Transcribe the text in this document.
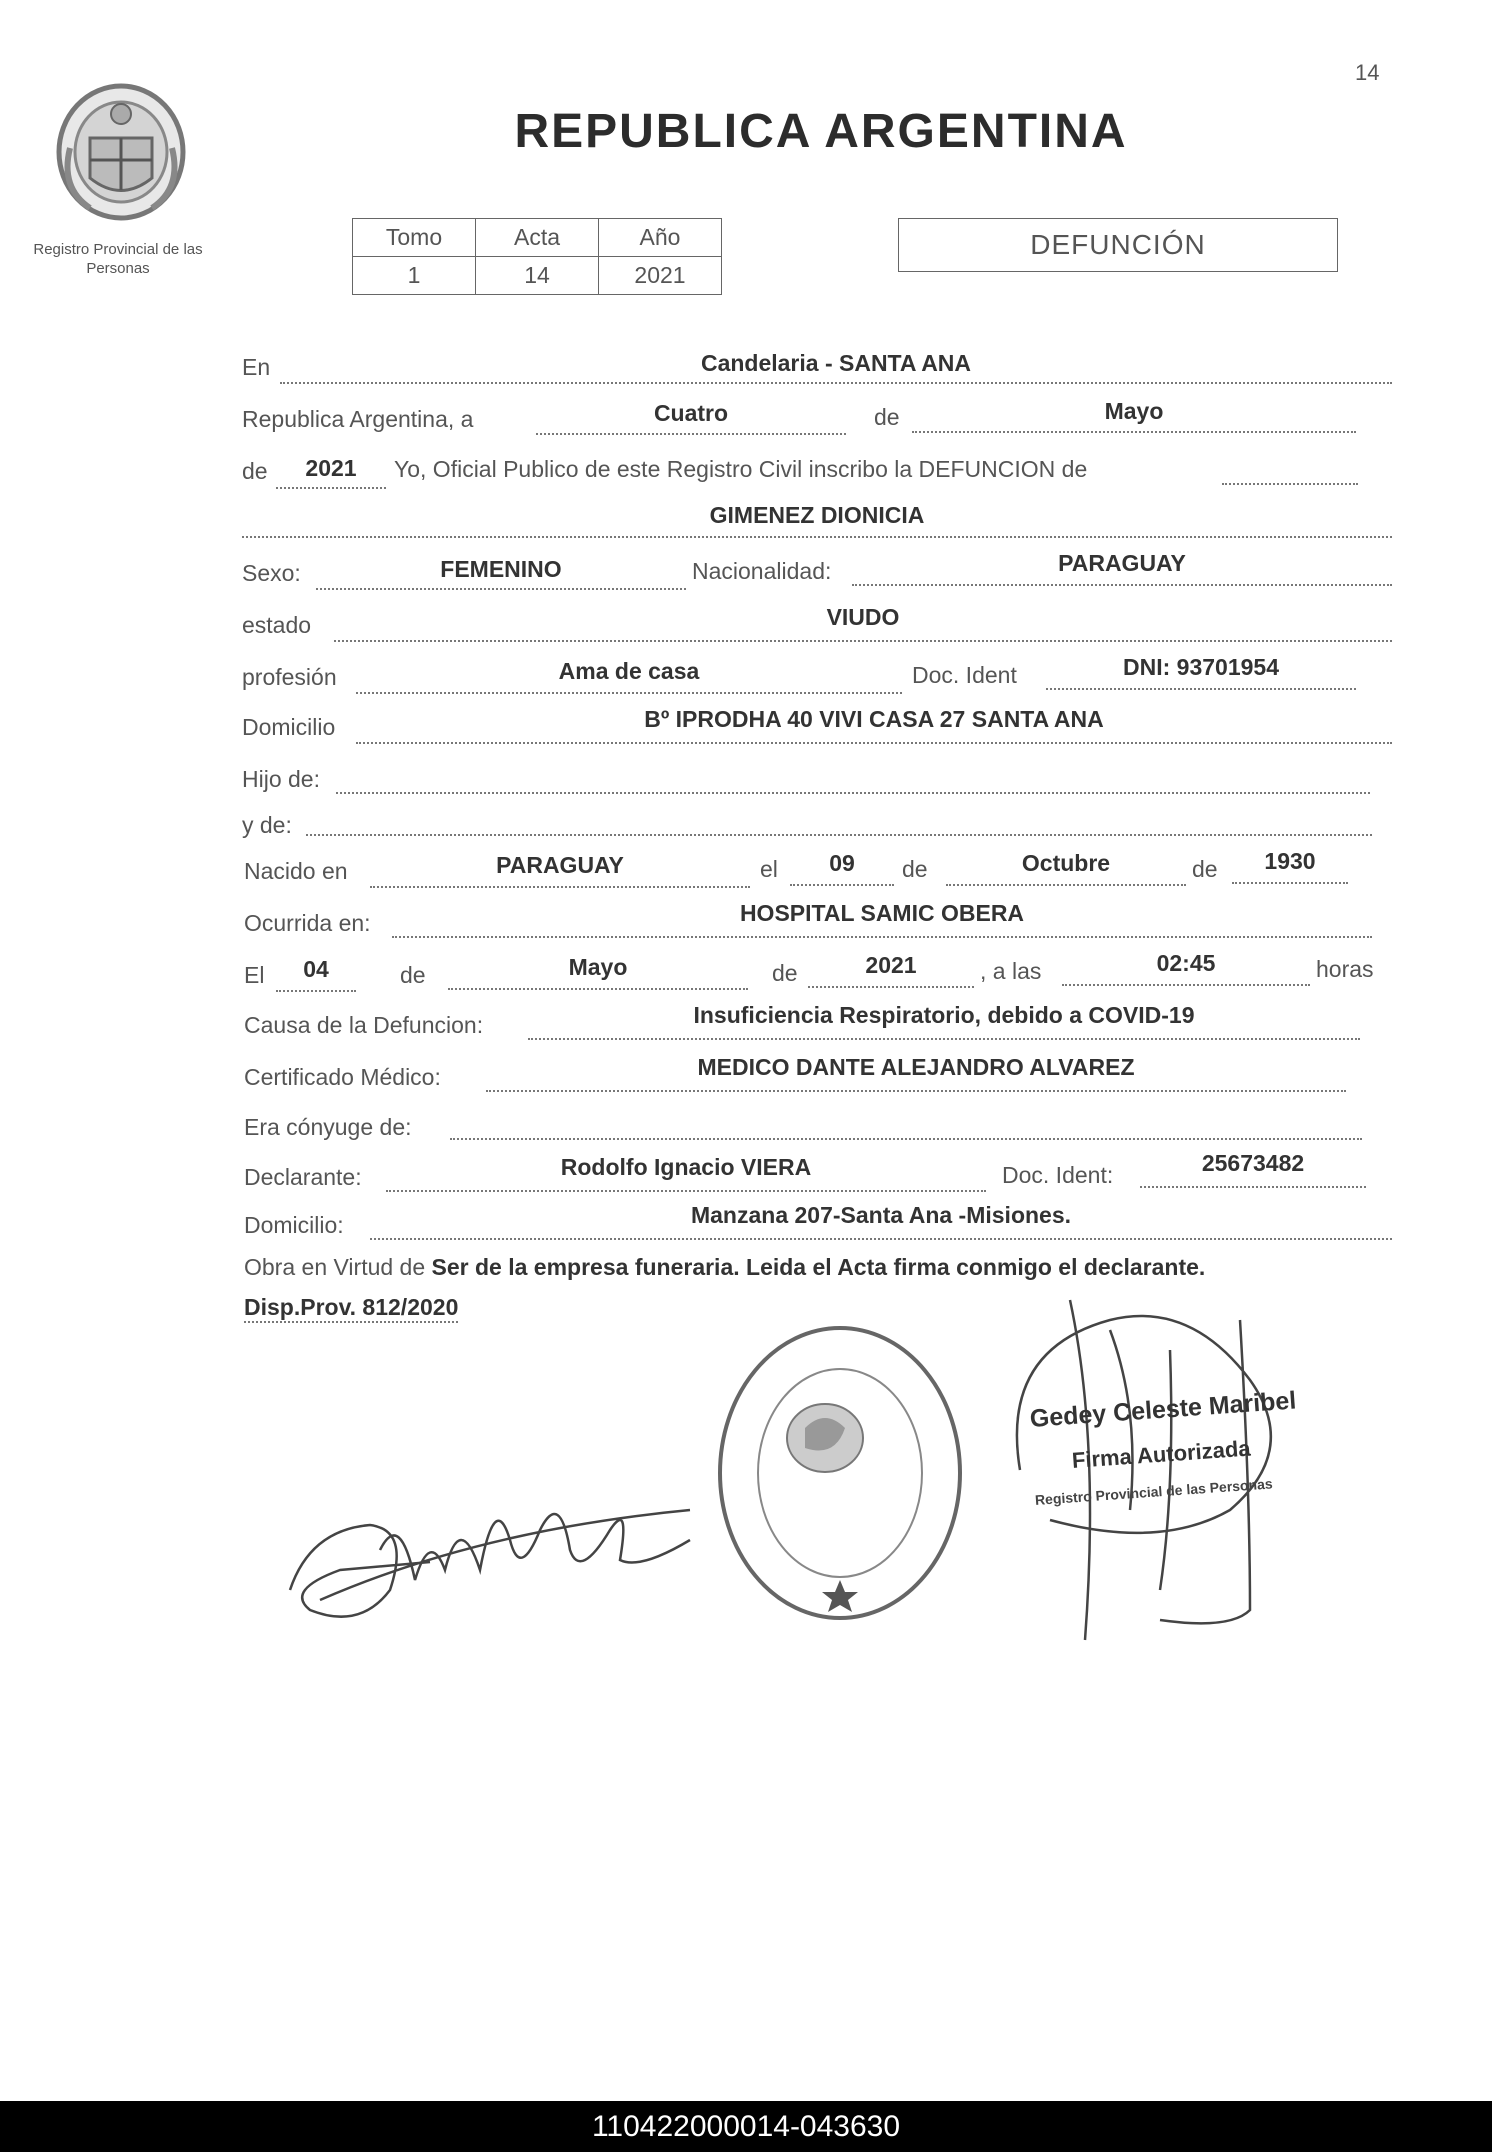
14
Registro Provincial de las Personas
REPUBLICA ARGENTINA
Tomo	Acta	Año
1	14	2021
DEFUNCIÓN
En	Candelaria - SANTA ANA
Republica Argentina, a	Cuatro	de	Mayo
de	2021	Yo, Oficial Publico de este Registro Civil inscribo la DEFUNCION de
GIMENEZ DIONICIA
Sexo:	FEMENINO	Nacionalidad:	PARAGUAY
estado	VIUDO
profesión	Ama de casa	Doc. Ident	DNI: 93701954
Domicilio	Bº IPRODHA 40 VIVI CASA 27 SANTA ANA
Hijo de:
y de:
Nacido en	PARAGUAY	el	09	de	Octubre	de	1930
Ocurrida en:	HOSPITAL SAMIC OBERA
El	04	de	Mayo	de	2021	, a las	02:45	horas
Causa de la Defuncion:	Insuficiencia Respiratorio, debido a COVID-19
Certificado Médico:	MEDICO DANTE ALEJANDRO ALVAREZ
Era cónyuge de:
Declarante:	Rodolfo Ignacio VIERA	Doc. Ident:	25673482
Domicilio:	Manzana 207-Santa Ana -Misiones.
Obra en Virtud de Ser de la empresa funeraria. Leida el Acta firma conmigo el declarante.
Disp.Prov. 812/2020
Gedey Celeste Maribel
Firma Autorizada
Registro Provincial de las Personas
110422000014-043630
